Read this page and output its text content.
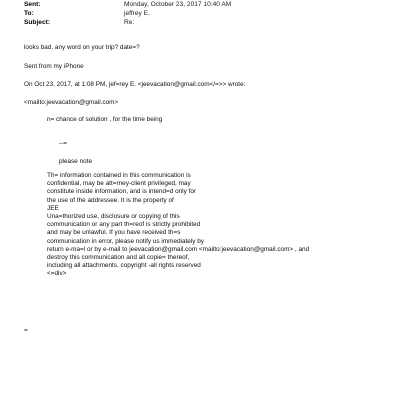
Sent:	Monday, October 23, 2017 10:40 AM
To:	jeffrey E.
Subject:	Re:
looks bad. any word on your trip? date=?
Sent from my iPhone
On Oct 23, 2017, at 1:08 PM, jef=rey E. <jeevacation@gmail.com</=>> wrote:
<mailto:jeevacation@gmail.com>
n= chance of solution , for the time being
--=
please note
Th= information contained in this communication is
confidential, may be att=rney-client privileged, may
constitute inside information, and is intend=d only for
the use of the addressee. It is the property of
JEE
Una=thorized use, disclosure or copying of this
communication or any part th=reof is strictly prohibited
and may be unlawful. If you have received th=s
communication in error, please notify us immediately by
return e-ma=l or by e-mail to jeevacation@gmail.com <mailto:jeevacation@gmail.com> , and
destroy this communication and all copie= thereof,
including all attachments. copyright -all rights reserved
<=div>
=
